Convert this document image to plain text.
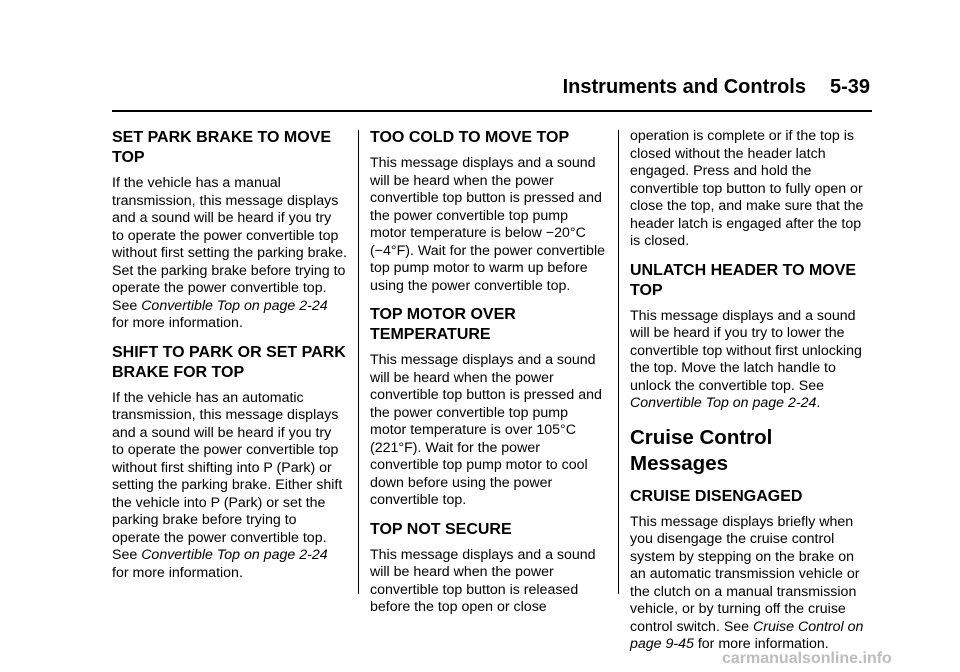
Instruments and Controls 5-39
SET PARK BRAKE TO MOVE TOP

If the vehicle has a manual transmission, this message displays and a sound will be heard if you try to operate the power convertible top without first setting the parking brake. Set the parking brake before trying to operate the power convertible top. See Convertible Top on page 2-24 for more information.

SHIFT TO PARK OR SET PARK BRAKE FOR TOP

If the vehicle has an automatic transmission, this message displays and a sound will be heard if you try to operate the power convertible top without first shifting into P (Park) or setting the parking brake. Either shift the vehicle into P (Park) or set the parking brake before trying to operate the power convertible top. See Convertible Top on page 2-24 for more information.

TOO COLD TO MOVE TOP

This message displays and a sound will be heard when the power convertible top button is pressed and the power convertible top pump motor temperature is below −20°C (−4°F). Wait for the power convertible top pump motor to warm up before using the power convertible top.

TOP MOTOR OVER TEMPERATURE

This message displays and a sound will be heard when the power convertible top button is pressed and the power convertible top pump motor temperature is over 105°C (221°F). Wait for the power convertible top pump motor to cool down before using the power convertible top.

TOP NOT SECURE

This message displays and a sound will be heard when the power convertible top button is released before the top open or close

operation is complete or if the top is closed without the header latch engaged. Press and hold the convertible top button to fully open or close the top, and make sure that the header latch is engaged after the top is closed.

UNLATCH HEADER TO MOVE TOP

This message displays and a sound will be heard if you try to lower the convertible top without first unlocking the top. Move the latch handle to unlock the convertible top. See Convertible Top on page 2-24.

Cruise Control Messages
CRUISE DISENGAGED

This message displays briefly when you disengage the cruise control system by stepping on the brake on an automatic transmission vehicle or the clutch on a manual transmission vehicle, or by turning off the cruise control switch. See Cruise Control on page 9-45 for more information.

carmanualsonline.info
